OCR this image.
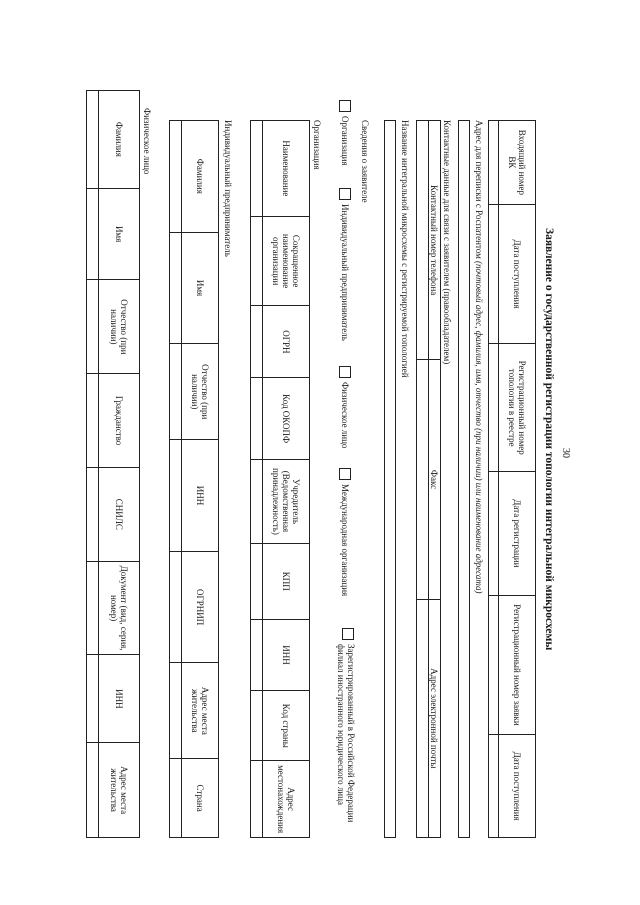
30
Заявление о государственной регистрации топологии интегральной микросхемы
Входящий номер ВК
Дата поступления
Регистрационный номер топологии в реестре
Дата регистрации
Регистрационный номер заявки
Дата поступления
Адрес для переписки с Роспатентом (почтовый адрес, фамилия, имя, отчество (при наличии) или наименование адресата)
Контактные данные для связи с заявителем (правообладателем)
Контактный номер телефона
Факс
Адрес электронной почты
Название интегральной микросхемы с регистрируемой топологией
Сведения о заявителе
Организация
Индивидуальный предприниматель
Физическое лицо
Международная организация
Зарегистрированный в Российской Федерации филиал иностранного юридического лица
Организация
Наименование
Сокращенное наименование организации
ОГРН
Код ОКОПФ
Учредитель (Ведомственная принадлежность)
КПП
ИНН
Код страны
Адрес местонахождения
Индивидуальный предприниматель
Фамилия
Имя
Отчество (при наличии)
ИНН
ОГРНИП
Адрес места жительства
Страна
Физическое лицо
Фамилия
Имя
Отчество (при наличии)
Гражданство
СНИЛС
Документ (вид, серия, номер)
ИНН
Адрес места жительства
